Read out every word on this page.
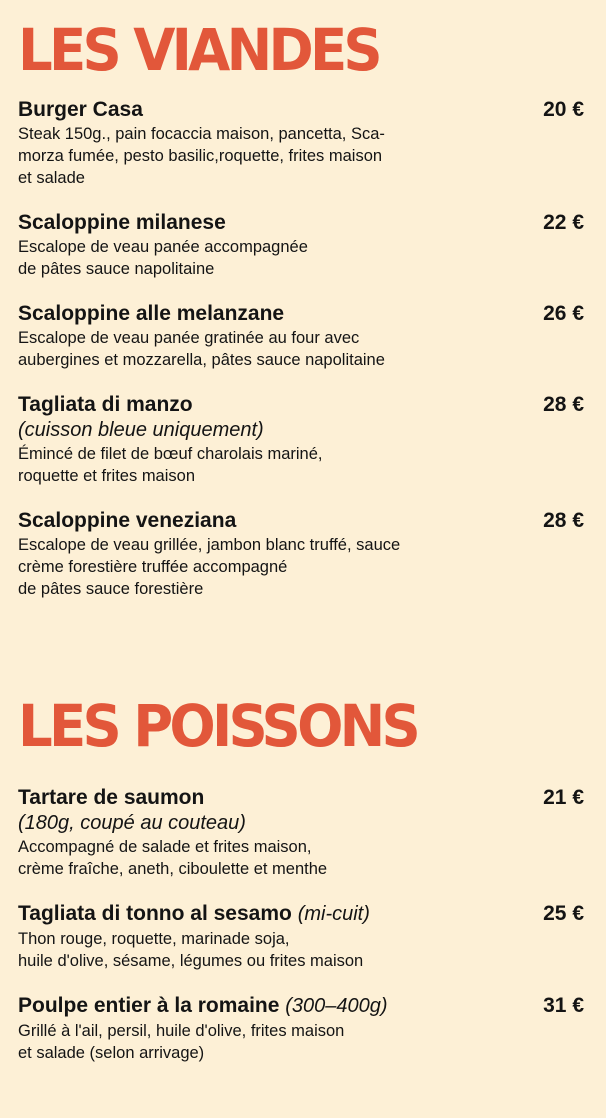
LES VIANDES
Burger Casa	20 €
Steak 150g., pain focaccia maison, pancetta, Sca-
morza fumée, pesto basilic,roquette, frites maison
et salade
Scaloppine milanese	22 €
Escalope de veau panée accompagnée
de pâtes sauce napolitaine
Scaloppine alle melanzane	26 €
Escalope de veau panée gratinée au four avec
aubergines et mozzarella, pâtes sauce napolitaine
Tagliata di manzo	28 €
(cuisson bleue uniquement)
Émincé de filet de bœuf charolais mariné,
roquette et frites maison
Scaloppine veneziana	28 €
Escalope de veau grillée, jambon blanc truffé, sauce
crème forestière truffée accompagné
de pâtes sauce forestière
LES POISSONS
Tartare de saumon	21 €
(180g, coupé au couteau)
Accompagné de salade et frites maison,
crème fraîche, aneth, ciboulette et menthe
Tagliata di tonno al sesamo (mi-cuit)	25 €
Thon rouge, roquette, marinade soja,
huile d'olive, sésame, légumes ou frites maison
Poulpe entier à la romaine (300–400g)	31 €
Grillé à l'ail, persil, huile d'olive, frites maison
et salade (selon arrivage)
